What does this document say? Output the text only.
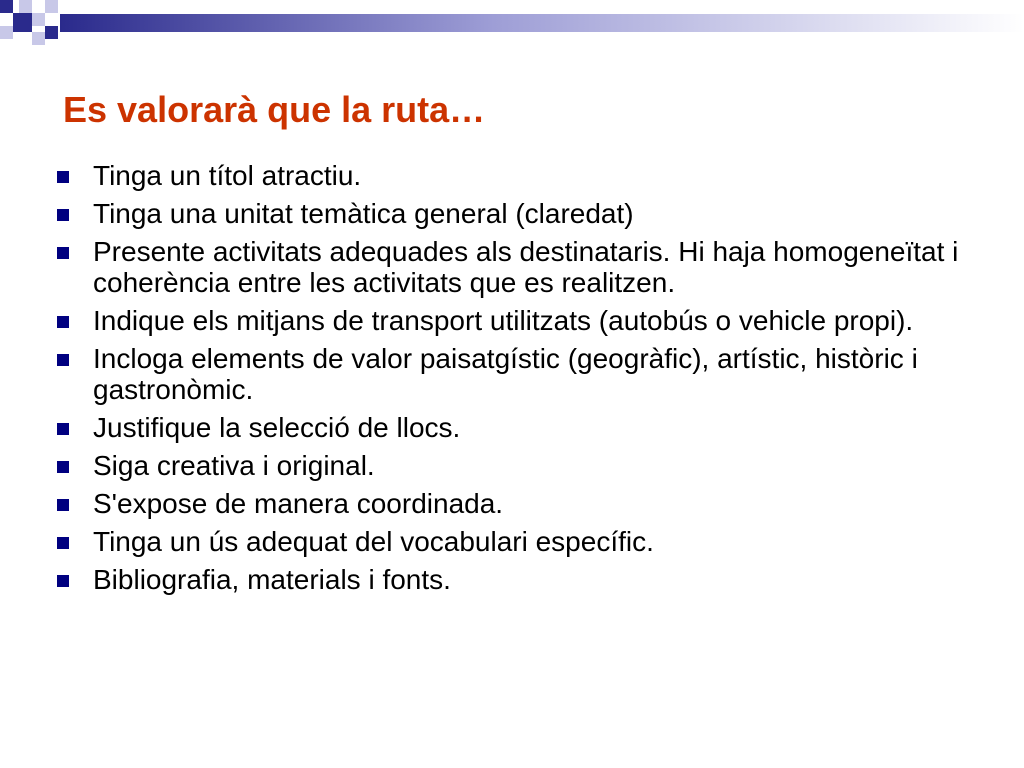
Es valorarà que la ruta…
Tinga un títol atractiu.
Tinga una unitat temàtica general (claredat)
Presente activitats adequades als destinataris. Hi haja homogeneïtat i coherència entre les activitats que es realitzen.
Indique els mitjans de transport utilitzats (autobús o vehicle propi).
Incloga elements de valor paisatgístic (geogràfic), artístic, històric i gastronòmic.
Justifique la selecció de llocs.
Siga creativa i original.
S'expose de manera coordinada.
Tinga un ús adequat del vocabulari específic.
Bibliografia, materials i fonts.
